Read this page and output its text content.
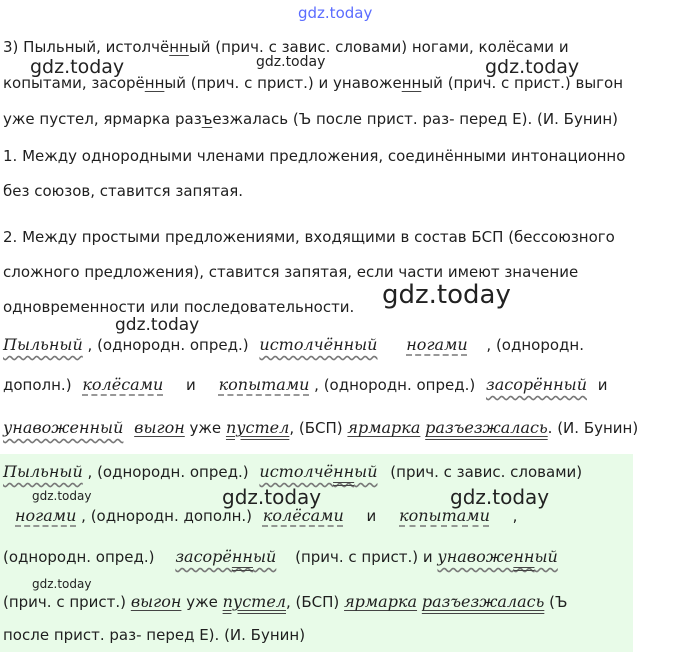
gdz.today
gdz.today	gdz.today	gdz.today
gdz.today
gdz.today
gdz.today	gdz.today	gdz.today
gdz.today
3) Пыльный, истолчённый (прич. с завис. словами) ногами, колёсами и
копытами, засорённый (прич. с прист.) и унавоженный (прич. с прист.) выгон
уже пустел, ярмарка разъезжалась (Ъ после прист. раз- перед Е). (И. Бунин)
1. Между однородными членами предложения, соединёнными интонационно
без союзов, ставится запятая.
2. Между простыми предложениями, входящими в состав БСП (бессоюзного
сложного предложения), ставится запятая, если части имеют значение
одновременности или последовательности.
Пыльный , (однородн. опред.) истолчённый ногами , (однородн.
дополн.) колёсами и копытами , (однородн. опред.) засорённый и
унавоженный выгон уже пустел, (БСП) ярмарка разъезжалась. (И. Бунин)
Пыльный , (однородн. опред.) истолчённый (прич. с завис. словами)
ногами , (однородн. дополн.) колёсами и копытами ,
(однородн. опред.) засорённый (прич. с прист.) и унавоженный
(прич. с прист.) выгон уже пустел, (БСП) ярмарка разъезжалась (Ъ
после прист. раз- перед Е). (И. Бунин)
